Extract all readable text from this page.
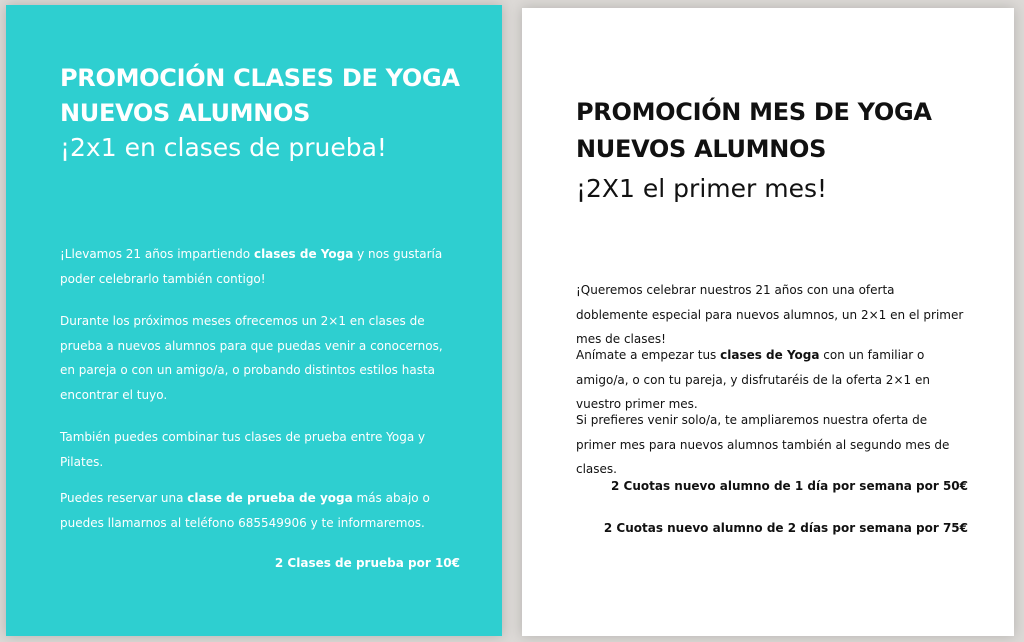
PROMOCIÓN CLASES DE YOGA NUEVOS ALUMNOS
¡2x1 en clases de prueba!

¡Llevamos 21 años impartiendo clases de Yoga y nos gustaría poder celebrarlo también contigo!

Durante los próximos meses ofrecemos un 2×1 en clases de prueba a nuevos alumnos para que puedas venir a conocernos, en pareja o con un amigo/a, o probando distintos estilos hasta encontrar el tuyo.

También puedes combinar tus clases de prueba entre Yoga y Pilates.

Puedes reservar una clase de prueba de yoga más abajo o puedes llamarnos al teléfono 685549906 y te informaremos.

2 Clases de prueba por 10€

PROMOCIÓN MES DE YOGA NUEVOS ALUMNOS
¡2X1 el primer mes!

¡Queremos celebrar nuestros 21 años con una oferta doblemente especial para nuevos alumnos, un 2×1 en el primer mes de clases!

Anímate a empezar tus clases de Yoga con un familiar o amigo/a, o con tu pareja, y disfrutaréis de la oferta 2×1 en vuestro primer mes.

Si prefieres venir solo/a, te ampliaremos nuestra oferta de primer mes para nuevos alumnos también al segundo mes de clases.

2 Cuotas nuevo alumno de 1 día por semana por 50€

2 Cuotas nuevo alumno de 2 días por semana por 75€
